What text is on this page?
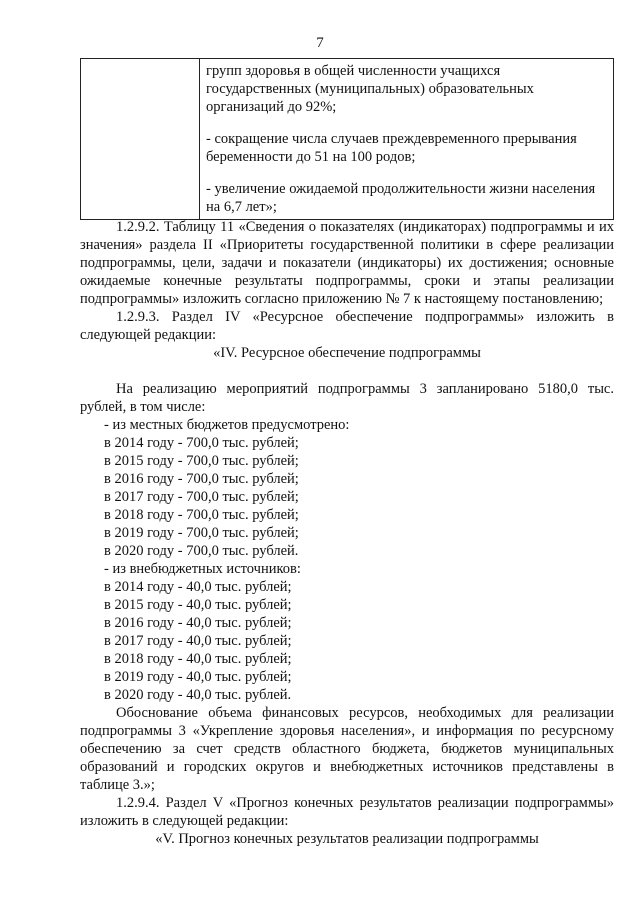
7

групп здоровья в общей численности учащихся государственных (муниципальных) образовательных организаций до 92%;

- сокращение числа случаев преждевременного прерывания беременности до 51 на 100 родов;

- увеличение ожидаемой продолжительности жизни населения на 6,7 лет»;

1.2.9.2. Таблицу 11 «Сведения о показателях (индикаторах) подпрограммы и их значения» раздела II «Приоритеты государственной политики в сфере реализации подпрограммы, цели, задачи и показатели (индикаторы) их достижения; основные ожидаемые конечные результаты подпрограммы, сроки и этапы реализации подпрограммы» изложить согласно приложению № 7 к настоящему постановлению;

1.2.9.3. Раздел IV «Ресурсное обеспечение подпрограммы» изложить в следующей редакции:

«IV. Ресурсное обеспечение подпрограммы

На реализацию мероприятий подпрограммы 3 запланировано 5180,0 тыс. рублей, в том числе:

- из местных бюджетов предусмотрено:

в 2014 году - 700,0 тыс. рублей;

в 2015 году - 700,0 тыс. рублей;

в 2016 году - 700,0 тыс. рублей;

в 2017 году - 700,0 тыс. рублей;

в 2018 году - 700,0 тыс. рублей;

в 2019 году - 700,0 тыс. рублей;

в 2020 году - 700,0 тыс. рублей.

- из внебюджетных источников:

в 2014 году - 40,0 тыс. рублей;

в 2015 году - 40,0 тыс. рублей;

в 2016 году - 40,0 тыс. рублей;

в 2017 году - 40,0 тыс. рублей;

в 2018 году - 40,0 тыс. рублей;

в 2019 году - 40,0 тыс. рублей;

в 2020 году - 40,0 тыс. рублей.

Обоснование объема финансовых ресурсов, необходимых для реализации подпрограммы 3 «Укрепление здоровья населения», и информация по ресурсному обеспечению за счет средств областного бюджета, бюджетов муниципальных образований и городских округов и внебюджетных источников представлены в таблице 3.»;

1.2.9.4. Раздел V «Прогноз конечных результатов реализации подпрограммы» изложить в следующей редакции:

«V. Прогноз конечных результатов реализации подпрограммы
